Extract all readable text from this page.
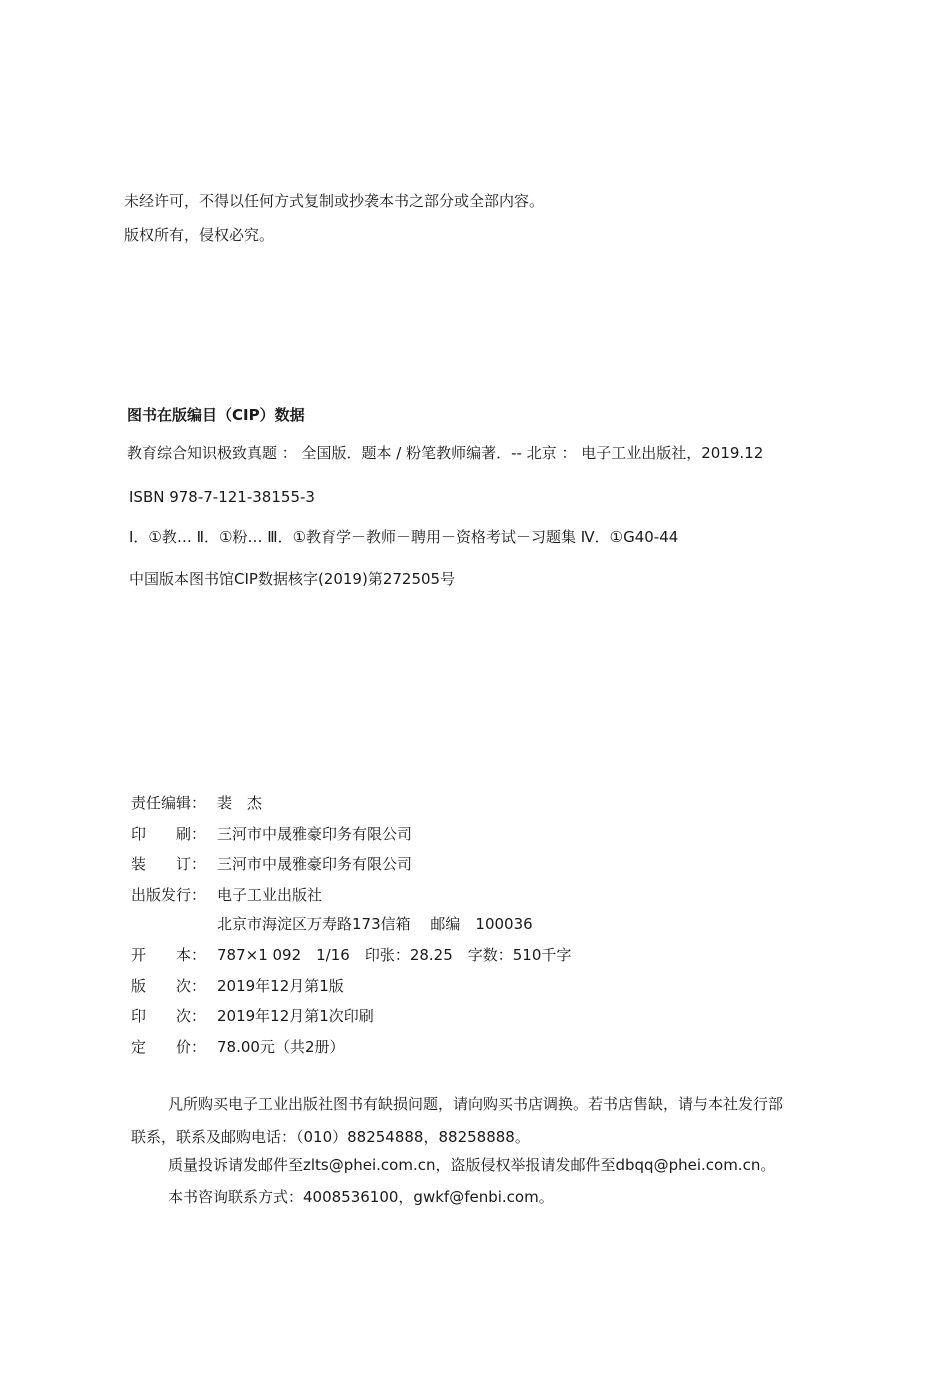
未经许可，不得以任何方式复制或抄袭本书之部分或全部内容。
版权所有，侵权必究。
图书在版编目（CIP）数据
教育综合知识极致真题 ： 全国版．题本 / 粉笔教师编著．-- 北京 ： 电子工业出版社，2019.12
ISBN 978-7-121-38155-3
Ⅰ．①教… Ⅱ．①粉… Ⅲ．①教育学－教师－聘用－资格考试－习题集 Ⅳ．①G40-44
中国版本图书馆CIP数据核字(2019)第272505号
责任编辑： 裴　杰
印　　刷： 三河市中晟雅豪印务有限公司
装　　订： 三河市中晟雅豪印务有限公司
出版发行： 电子工业出版社
北京市海淀区万寿路173信箱　 邮编　100036
开　　本： 787×1 092　1/16　印张：28.25　字数：510千字
版　　次： 2019年12月第1版
印　　次： 2019年12月第1次印刷
定　　价： 78.00元（共2册）
凡所购买电子工业出版社图书有缺损问题，请向购买书店调换。若书店售缺，请与本社发行部
联系，联系及邮购电话：（010）88254888，88258888。
质量投诉请发邮件至zlts@phei.com.cn，盗版侵权举报请发邮件至dbqq@phei.com.cn。
本书咨询联系方式：4008536100，gwkf@fenbi.com。
